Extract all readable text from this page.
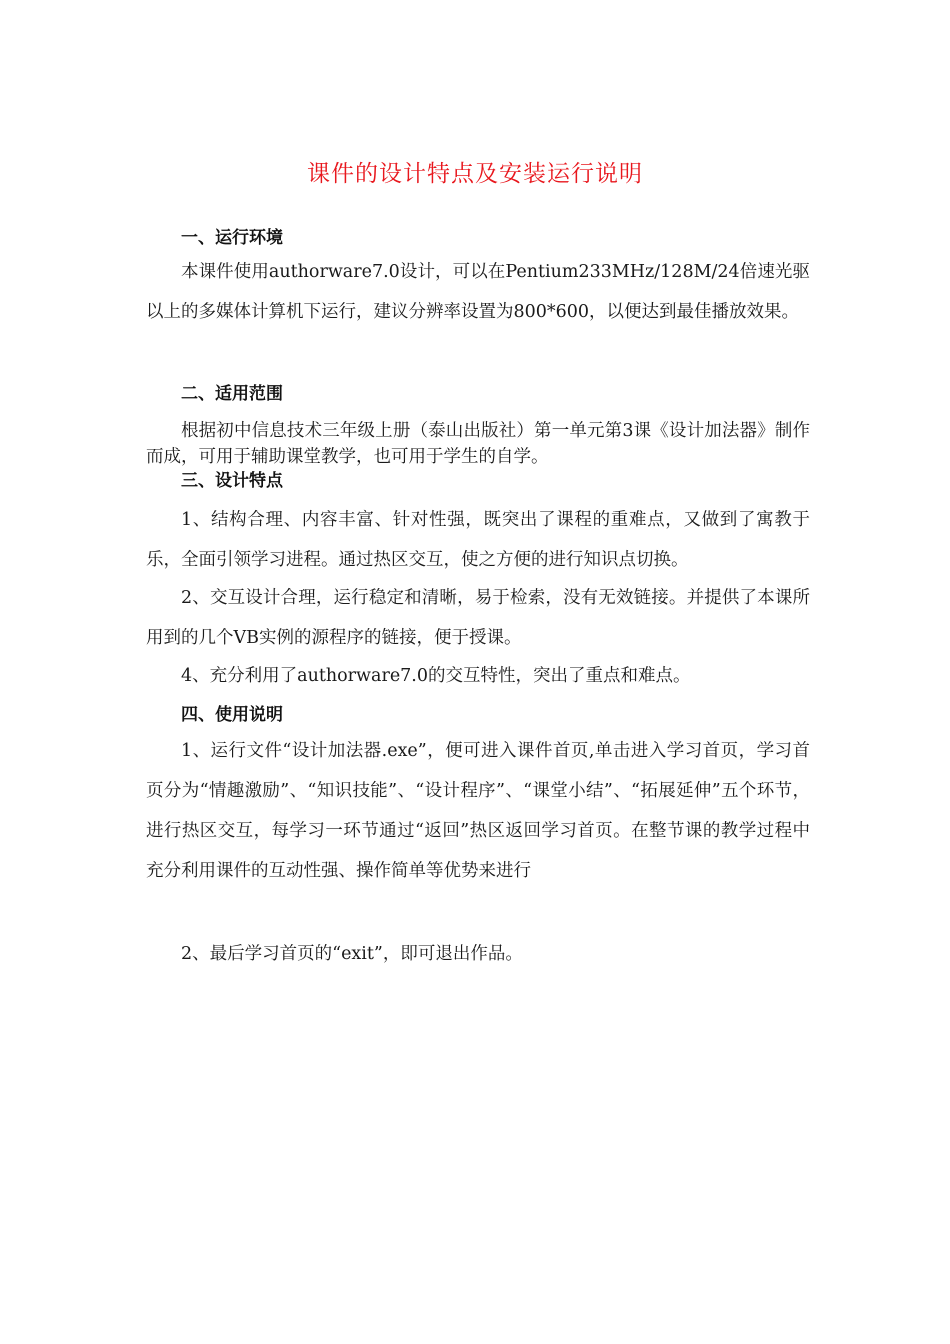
课件的设计特点及安装运行说明
一、运行环境

本课件使用authorware7.0设计，可以在Pentium233MHz/128M/24倍速光驱以上的多媒体计算机下运行，建议分辨率设置为800*600，以便达到最佳播放效果。

二、适用范围

根据初中信息技术三年级上册（泰山出版社）第一单元第3课《设计加法器》制作而成，可用于辅助课堂教学，也可用于学生的自学。

三、设计特点

1、结构合理、内容丰富、针对性强，既突出了课程的重难点，又做到了寓教于乐，全面引领学习进程。通过热区交互，使之方便的进行知识点切换。

2、交互设计合理，运行稳定和清晰，易于检索，没有无效链接。并提供了本课所用到的几个VB实例的源程序的链接，便于授课。

4、充分利用了authorware7.0的交互特性，突出了重点和难点。

四、使用说明

1、运行文件“设计加法器.exe”，便可进入课件首页,单击进入学习首页，学习首页分为“情趣激励”、“知识技能”、“设计程序”、“课堂小结”、“拓展延伸”五个环节，进行热区交互，每学习一环节通过“返回”热区返回学习首页。在整节课的教学过程中充分利用课件的互动性强、操作简单等优势来进行

2、最后学习首页的“exit”，即可退出作品。
